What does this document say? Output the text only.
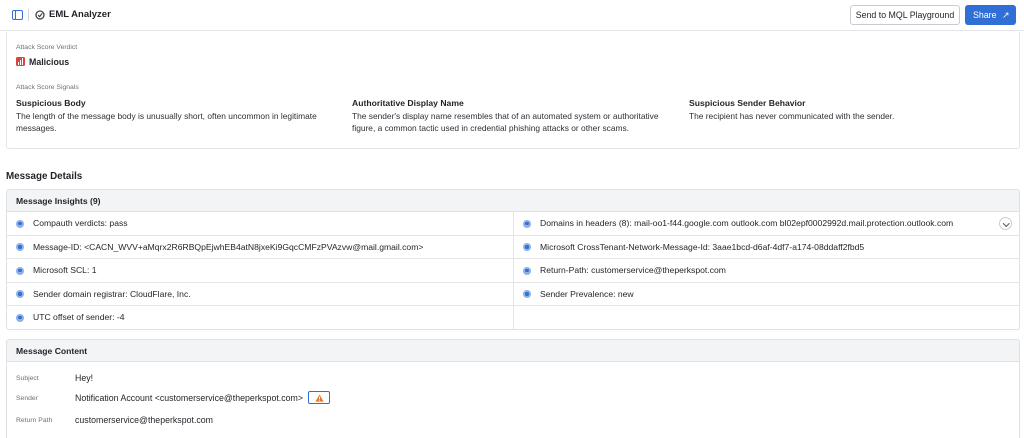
EML Analyzer	Send to MQL Playground	Share ↗
Attack Score Verdict
Malicious
Attack Score Signals
Suspicious Body
The length of the message body is unusually short, often uncommon in legitimate messages.
Authoritative Display Name
The sender's display name resembles that of an automated system or authoritative figure, a common tactic used in credential phishing attacks or other scams.
Suspicious Sender Behavior
The recipient has never communicated with the sender.
Message Details
Message Insights (9)
Compauth verdicts: pass	Domains in headers (8): mail-oo1-f44.google.com outlook.com bl02epf0002992d.mail.protection.outlook.com
Message-ID: <CACN_WVV+aMqrx2R6RBQpEjwhEB4atN8jxeKi9GqcCMFzPVAzvw@mail.gmail.com>	Microsoft CrossTenant-Network-Message-Id: 3aae1bcd-d6af-4df7-a174-08ddaff2fbd5
Microsoft SCL: 1	Return-Path: customerservice@theperkspot.com
Sender domain registrar: CloudFlare, Inc.	Sender Prevalence: new
UTC offset of sender: -4
Message Content
Subject	Hey!
Sender	Notification Account <customerservice@theperkspot.com>
Return Path	customerservice@theperkspot.com
